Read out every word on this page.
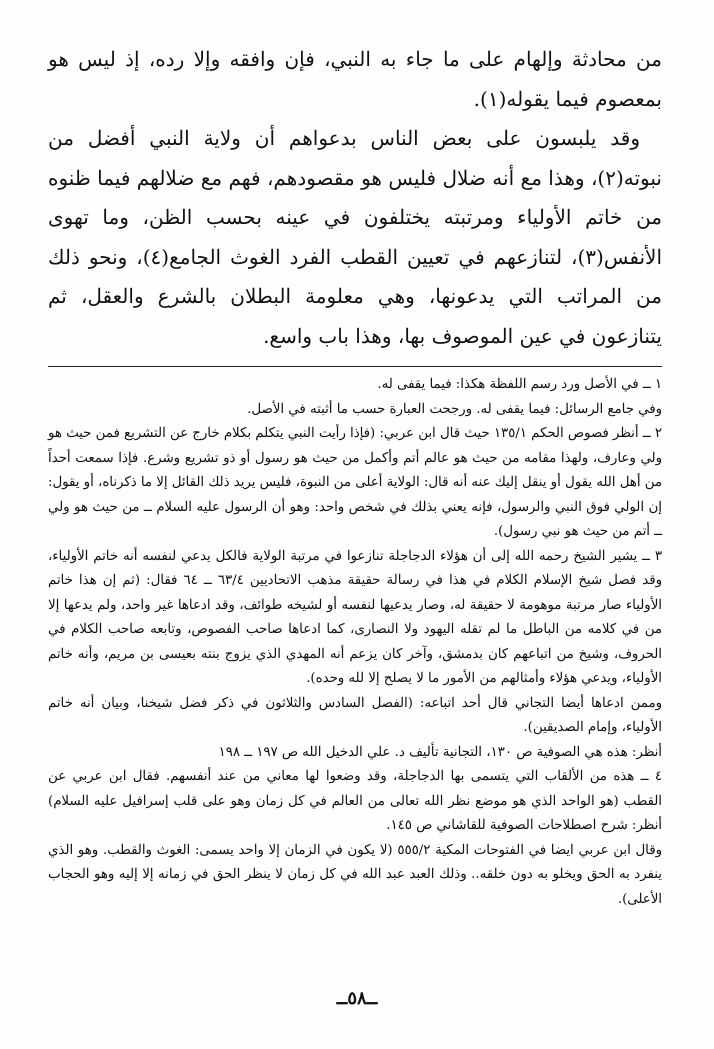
من محادثة وإلهام على ما جاء به النبي، فإن وافقه وإلا رده، إذ ليس هو بمعصوم فيما يقوله(١).

وقد يلبسون على بعض الناس بدعواهم أن ولاية النبي أفضل من نبوته(٢)، وهذا مع أنه ضلال فليس هو مقصودهم، فهم مع ضلالهم فيما ظنوه من خاتم الأولياء ومرتبته يختلفون في عينه بحسب الظن، وما تهوى الأنفس(٣)، لتنازعهم في تعيين القطب الفرد الغوث الجامع(٤)، ونحو ذلك من المراتب التي يدعونها، وهي معلومة البطلان بالشرع والعقل، ثم يتنازعون في عين الموصوف بها، وهذا باب واسع.

١ ــ في الأصل ورد رسم اللفظة هكذا: فيما يقفى له.

وفي جامع الرسائل: فيما يقفى له. ورجحت العبارة حسب ما أثبته في الأصل.

٢ ــ أنظر فصوص الحكم ١٣٥/١ حيث قال ابن عربي: (فإذا رأيت النبي يتكلم بكلام خارج عن التشريع فمن حيث هو ولي وعارف، ولهذا مقامه من حيث هو عالم أتم وأكمل من حيث هو رسول أو ذو تشريع وشرع. فإذا سمعت أحداً من أهل الله يقول أو ينقل إليك عنه أنه قال: الولاية أعلى من النبوة، فليس يريد ذلك القائل إلا ما ذكرناه، أو يقول: إن الولي فوق النبي والرسول، فإنه يعني بذلك في شخص واحد: وهو أن الرسول عليه السلام ــ من حيث هو ولي ــ أتم من حيث هو نبي رسول).

٣ ــ يشير الشيخ رحمه الله إلى أن هؤلاء الدجاجلة تنازعوا في مرتبة الولاية فالكل يدعي لنفسه أنه خاتم الأولياء، وقد فصل شيخ الإسلام الكلام في هذا في رسالة حقيقة مذهب الاتحاديين ٦٣/٤ ــ ٦٤ فقال: (ثم إن هذا خاتم الأولياء صار مرتبة موهومة لا حقيقة له، وصار يدعيها لنفسه أو لشيخه طوائف، وقد ادعاها غير واحد، ولم يدعها إلا من في كلامه من الباطل ما لم تقله اليهود ولا النصارى، كما ادعاها صاحب الفصوص، وتابعه صاحب الكلام في الحروف، وشيخ من اتباعهم كان بدمشق، وآخر كان يزعم أنه المهدي الذي يزوج بنته بعيسى بن مريم، وأنه خاتم الأولياء، ويدعي هؤلاء وأمثالهم من الأمور ما لا يصلح إلا لله وحده).

وممن ادعاها أيضا التجاني قال أحد اتباعه: (الفصل السادس والثلاثون في ذكر فضل شيخنا، وبيان أنه خاتم الأولياء، وإمام الصديقين).

أنظر: هذه هي الصوفية ص ١٣٠، التجانية تأليف د. علي الدخيل الله ص ١٩٧ ــ ١٩٨

٤ ــ هذه من الألقاب التي يتسمى بها الدجاجلة، وقد وضعوا لها معاني من عند أنفسهم. فقال ابن عربي عن القطب (هو الواحد الذي هو موضع نظر الله تعالى من العالم في كل زمان وهو على قلب إسرافيل عليه السلام) أنظر: شرح اصطلاحات الصوفية للقاشاني ص ١٤٥.

وقال ابن عربي ايضا في الفتوحات المكية ٥٥٥/٢ (لا يكون في الزمان إلا واحد يسمى: الغوث والقطب. وهو الذي ينفرد به الحق ويخلو به دون خلقه.. وذلك العبد عبد الله في كل زمان لا ينظر الحق في زمانه إلا إليه وهو الحجاب الأعلى).

ــ٥٨ــ
